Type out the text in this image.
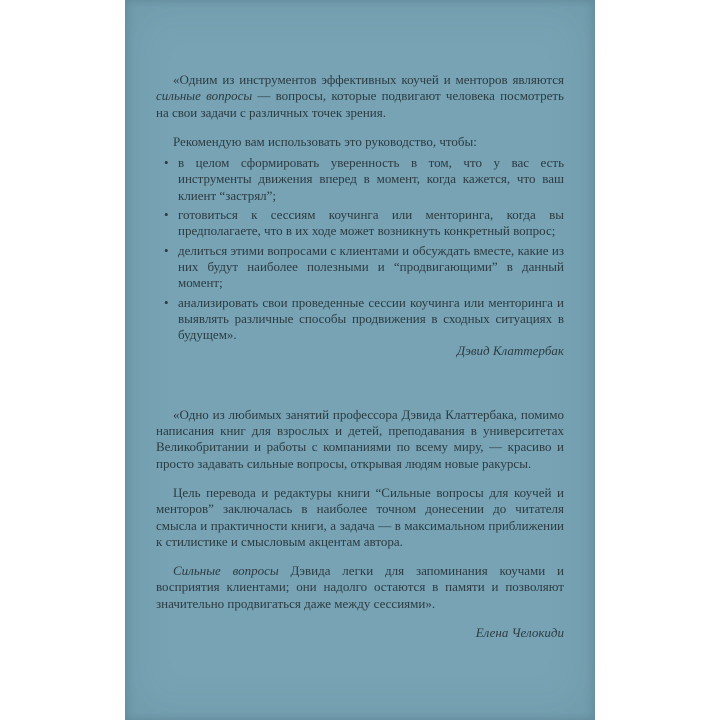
«Одним из инструментов эффективных коучей и менторов являются сильные вопросы — вопросы, которые подвигают человека посмотреть на свои задачи с различных точек зрения.

Рекомендую вам использовать это руководство, чтобы:

• в целом сформировать уверенность в том, что у вас есть инструменты движения вперед в момент, когда кажется, что ваш клиент “застрял”;
• готовиться к сессиям коучинга или менторинга, когда вы предполагаете, что в их ходе может возникнуть конкретный вопрос;
• делиться этими вопросами с клиентами и обсуждать вместе, какие из них будут наиболее полезными и “продвигающими” в данный момент;
• анализировать свои проведенные сессии коучинга или менторинга и выявлять различные способы продвижения в сходных ситуациях в будущем».

Дэвид Клаттербак

«Одно из любимых занятий профессора Дэвида Клаттербака, помимо написания книг для взрослых и детей, преподавания в университетах Великобритании и работы с компаниями по всему миру, — красиво и просто задавать сильные вопросы, открывая людям новые ракурсы.

Цель перевода и редактуры книги “Сильные вопросы для коучей и менторов” заключалась в наиболее точном донесении до читателя смысла и практичности книги, а задача — в максимальном приближении к стилистике и смысловым акцентам автора.

Сильные вопросы Дэвида легки для запоминания коучами и восприятия клиентами; они надолго остаются в памяти и позволяют значительно продвигаться даже между сессиями».

Елена Челокиди
